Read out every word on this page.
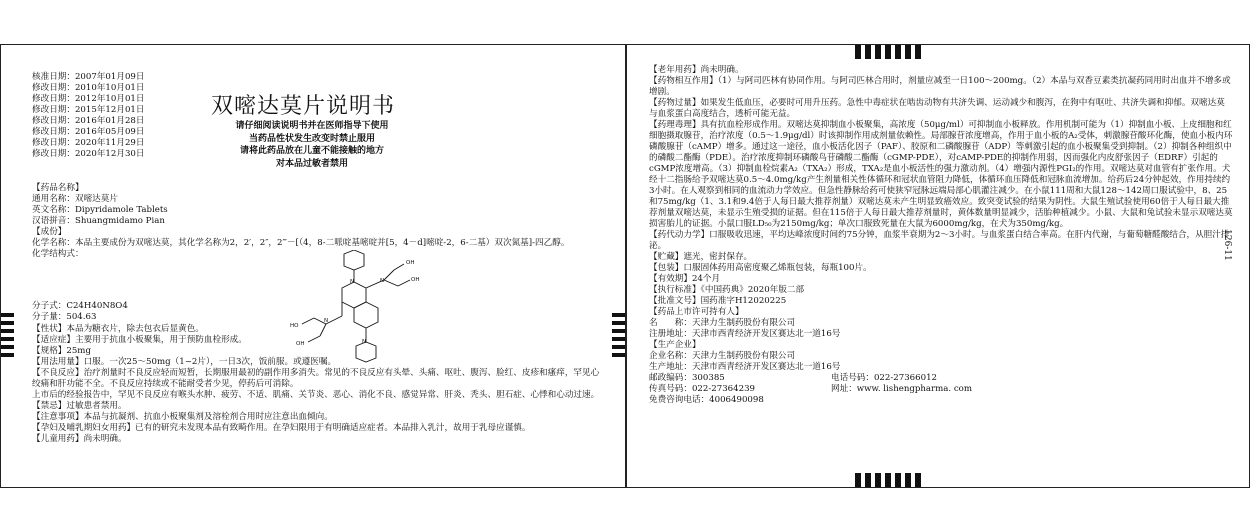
核准日期：2007年01月09日
修改日期：2010年10月01日
修改日期：2012年10月01日
修改日期：2015年12月01日
修改日期：2016年01月28日
修改日期：2016年05月09日
修改日期：2020年11月29日
修改日期：2020年12月30日
双嘧达莫片说明书
请仔细阅读说明书并在医师指导下使用
当药品性状发生改变时禁止服用
请将此药品放在儿童不能接触的地方
对本品过敏者禁用
【药品名称】
通用名称：双嘧达莫片
英文名称：Dipyridamole Tablets
汉语拼音：Shuangmidamo Pian
【成份】
化学名称：本品主要成份为双嘧达莫，其化学名称为2，2′，2″，2‴－[（4，8-二哌啶基嘧啶并[5，4－d]嘧啶-2，6-二基）双次氮基]-四乙醇。
化学结构式：
OH
OH
HO
OH
N	N
N
N
分子式：C24H40N8O4
分子量：504.63
【性状】本品为糖衣片，除去包衣后显黄色。
【适应症】主要用于抗血小板聚集，用于预防血栓形成。
【规格】25mg
【用法用量】口服。一次25～50mg（1~2片），一日3次，饭前服。或遵医嘱。
【不良反应】治疗剂量时不良反应轻而短暂，长期服用最初的副作用多消失。常见的不良反应有头晕、头痛、呕吐、腹泻、脸红、皮疹和瘙痒，罕见心绞痛和肝功能不全。不良反应持续或不能耐受者少见，停药后可消除。
上市后的经验报告中，罕见不良反应有喉头水肿、疲劳、不适、肌痛、关节炎、恶心、消化不良、感觉异常、肝炎、秃头、胆石症、心悸和心动过速。
【禁忌】过敏患者禁用。
【注意事项】本品与抗凝剂、抗血小板聚集剂及溶栓剂合用时应注意出血倾向。
【孕妇及哺乳期妇女用药】已有的研究未发现本品有致畸作用。在孕妇限用于有明确适应症者。本品排入乳汁，故用于乳母应谨慎。
【儿童用药】尚未明确。
【老年用药】尚未明确。
【药物相互作用】（1）与阿司匹林有协同作用。与阿司匹林合用时，剂量应减至一日100～200mg。（2）本品与双香豆素类抗凝药同用时出血并不增多或增剧。
【药物过量】如果发生低血压，必要时可用升压药。急性中毒症状在啮齿动物有共济失调、运动减少和腹泻，在狗中有呕吐、共济失调和抑郁。双嘧达莫与血浆蛋白高度结合，透析可能无益。
【药理毒理】具有抗血栓形成作用。双嘧达莫抑制血小板聚集，高浓度（50μg/ml）可抑制血小板释放。作用机制可能为（1）抑制血小板、上皮细胞和红细胞摄取腺苷，治疗浓度（0.5～1.9μg/dl）时该抑制作用成剂量依赖性。局部腺苷浓度增高，作用于血小板的A₂受体，刺激腺苷酸环化酶，使血小板内环磷酸腺苷（cAMP）增多。通过这一途径，血小板活化因子（PAF）、胶原和二磷酸腺苷（ADP）等刺激引起的血小板聚集受到抑制。（2）抑制各种组织中的磷酸二酯酶（PDE）。治疗浓度抑制环磷酸鸟苷磷酸二酯酶（cGMP-PDE），对cAMP-PDE的抑制作用弱，因而强化内皮舒张因子（EDRF）引起的cGMP浓度增高。（3）抑制血栓烷素A₂（TXA₂）形成，TXA₂是血小板活性的强力激动剂。（4）增强内源性PGI₂的作用。双嘧达莫对血管有扩张作用。犬经十二指肠给予双嘧达莫0.5～4.0mg/kg产生剂量相关性体循环和冠状血管阻力降低，体循环血压降低和冠脉血流增加。给药后24分钟起效，作用持续约3小时。在人观察到相同的血流动力学效应。但急性静脉给药可使狭窄冠脉远端局部心肌灌注减少。在小鼠111周和大鼠128～142周口服试验中，8、25和75mg/kg（1、3.1和9.4倍于人每日最大推荐剂量）双嘧达莫未产生明显致癌效应。致突变试验的结果为阴性。大鼠生殖试验使用60倍于人每日最大推荐剂量双嘧达莫，未显示生殖受损的证据。但在115倍于人每日最大推荐剂量时，黄体数量明显减少，活胎种植减少。小鼠、大鼠和兔试验未显示双嘧达莫损害胎儿的证据。小鼠口服LD₅₀为2150mg/kg；单次口服致死量在大鼠为6000mg/kg，在犬为350mg/kg。
【药代动力学】口服吸收迅速，平均达峰浓度时间约75分钟，血浆半衰期为2～3小时。与血浆蛋白结合率高。在肝内代谢，与葡萄糖醛酸结合，从胆汁排泌。
【贮藏】遮光，密封保存。
【包装】口服固体药用高密度聚乙烯瓶包装，每瓶100片。
【有效期】24个月
【执行标准】《中国药典》2020年版二部
【批准文号】国药准字H12020225
【药品上市许可持有人】
名　　称：天津力生制药股份有限公司
注册地址：天津市西青经济开发区赛达北一道16号
【生产企业】
企业名称：天津力生制药股份有限公司
生产地址：天津市西青经济开发区赛达北一道16号
邮政编码：300385	电话号码：022-27366012
传真号码：022-27364239	网址：www. lishengpharma. com
免费咨询电话：4006490098
126-11
